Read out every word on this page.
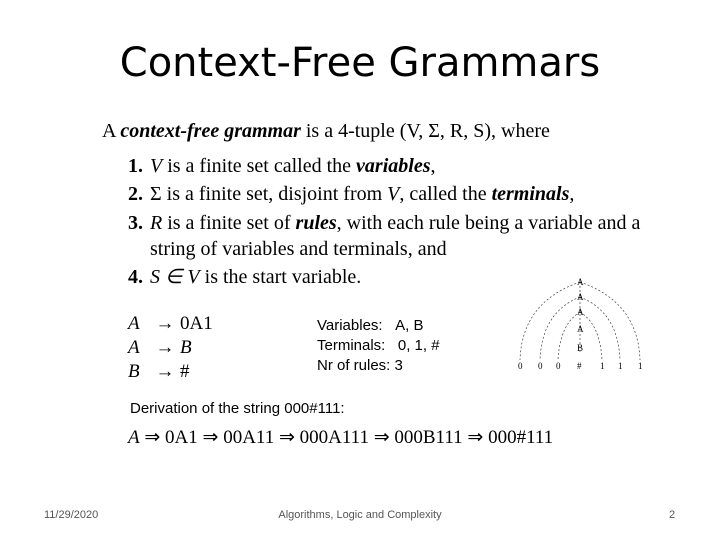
Context-Free Grammars
A context-free grammar is a 4-tuple (V, Σ, R, S), where
1. V is a finite set called the variables,
2. Σ is a finite set, disjoint from V, called the terminals,
3. R is a finite set of rules, with each rule being a variable and a
string of variables and terminals, and
4. S ∈ V is the start variable.
A → 0A1
A → B
B → #
Variables: A, B
Terminals: 0, 1, #
Nr of rules: 3
A
A
A
A
B
0 0 0 # 1 1 1
Derivation of the string 000#111:
A ⇒ 0A1 ⇒ 00A11 ⇒ 000A111 ⇒ 000B111 ⇒ 000#111
11/29/2020	Algorithms, Logic and Complexity	2
